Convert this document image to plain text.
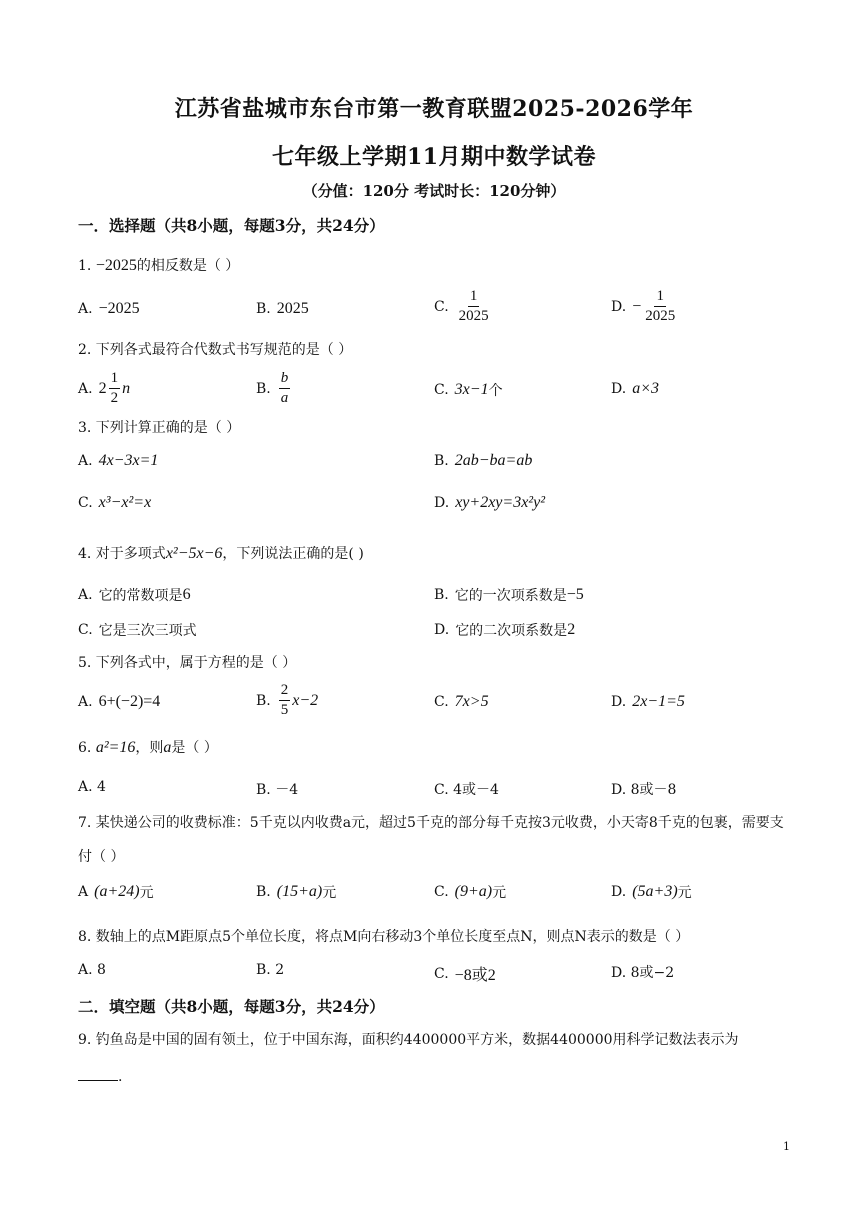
江苏省盐城市东台市第一教育联盟2025-2026学年
七年级上学期11月期中数学试卷
（分值：120分 考试时长：120分钟）
一．选择题（共8小题，每题3分，共24分）
1. −2025的相反数是（ ）
A. −2025	B. 2025	C. $\frac{1}{2025}$	D. − $\frac{1}{2025}$
2. 下列各式最符合代数式书写规范的是（ ）
A. $2 \frac{1}{2}$ n	B. $\frac{b}{a}$	C. 3x−1 个	D. a×3
3. 下列计算正确的是（ ）
A. 4x−3x=1	B. 2ab−ba=ab
C. x³−x²=x	D. xy+2xy=3x²y²
4. 对于多项式x²−5x−6，下列说法正确的是( )
A. 它的常数项是 6	B. 它的一次项系数是 −5
C. 它是三次三项式	D. 它的二次项系数是 2
5. 下列各式中，属于方程的是（ ）
A. 6+(−2)=4	B. $\frac{2}{5} x-2$	C. 7x>5	D. 2x−1=5
6. a²=16，则a是（ ）
A. 4	B. －4	C. 4或－4	D. 8或－8
7. 某快递公司的收费标准：5千克以内收费a元，超过5千克的部分每千克按3元收费，小天寄8千克的包裹，需要支付（ ）
A (a+24) 元	B. (15+a) 元	C. (9+a) 元	D. (5a+3) 元
8. 数轴上的点M距原点5个单位长度，将点M向右移动3个单位长度至点N，则点N表示的数是（ ）
A. 8	B. 2	C. −8或2	D. 8或−2
二．填空题（共8小题，每题3分，共24分）
9. 钓鱼岛是中国的固有领土，位于中国东海，面积约4400000平方米，数据4400000用科学记数法表示为
.
1
